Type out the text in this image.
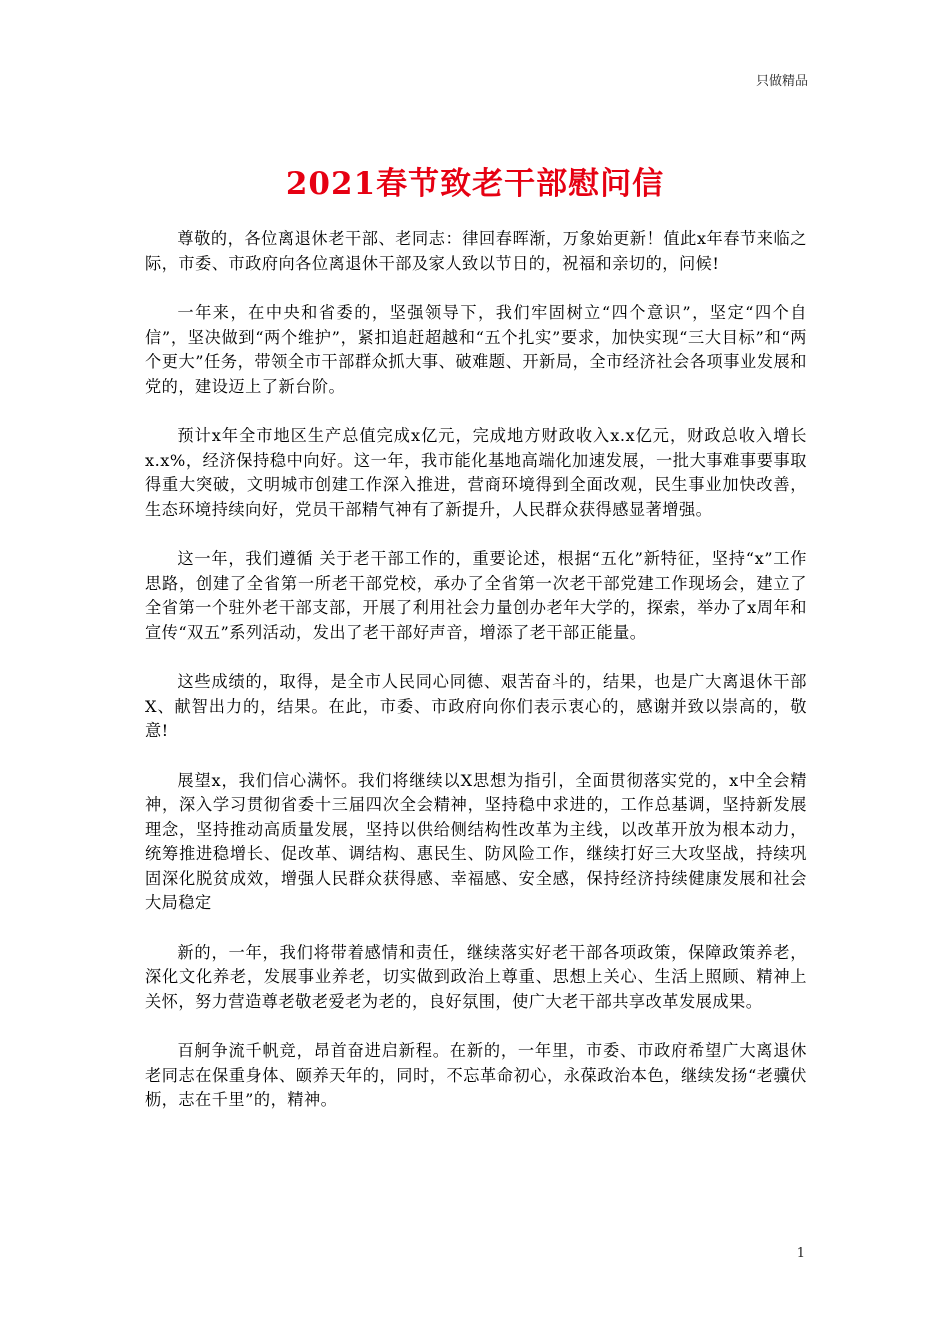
只做精品
2021春节致老干部慰问信

尊敬的，各位离退休老干部、老同志：律回春晖渐，万象始更新！值此x年春节来临之际，市委、市政府向各位离退休干部及家人致以节日的，祝福和亲切的，问候!

一年来，在中央和省委的，坚强领导下，我们牢固树立“四个意识”，坚定“四个自信”，坚决做到“两个维护”，紧扣追赶超越和“五个扎实”要求，加快实现“三大目标”和“两个更大”任务，带领全市干部群众抓大事、破难题、开新局，全市经济社会各项事业发展和党的，建设迈上了新台阶。

预计x年全市地区生产总值完成x亿元，完成地方财政收入x.x亿元，财政总收入增长x.x%，经济保持稳中向好。这一年，我市能化基地高端化加速发展，一批大事难事要事取得重大突破，文明城市创建工作深入推进，营商环境得到全面改观，民生事业加快改善，生态环境持续向好，党员干部精气神有了新提升，人民群众获得感显著增强。

这一年，我们遵循 关于老干部工作的，重要论述，根据“五化”新特征，坚持“x”工作思路，创建了全省第一所老干部党校，承办了全省第一次老干部党建工作现场会，建立了全省第一个驻外老干部支部，开展了利用社会力量创办老年大学的，探索，举办了x周年和宣传“双五”系列活动，发出了老干部好声音，增添了老干部正能量。

这些成绩的，取得，是全市人民同心同德、艰苦奋斗的，结果，也是广大离退休干部X、献智出力的，结果。在此，市委、市政府向你们表示衷心的，感谢并致以崇高的，敬意!

展望x，我们信心满怀。我们将继续以X思想为指引，全面贯彻落实党的，x中全会精神，深入学习贯彻省委十三届四次全会精神，坚持稳中求进的，工作总基调，坚持新发展理念，坚持推动高质量发展，坚持以供给侧结构性改革为主线，以改革开放为根本动力，统筹推进稳增长、促改革、调结构、惠民生、防风险工作，继续打好三大攻坚战，持续巩固深化脱贫成效，增强人民群众获得感、幸福感、安全感，保持经济持续健康发展和社会大局稳定

新的，一年，我们将带着感情和责任，继续落实好老干部各项政策，保障政策养老，深化文化养老，发展事业养老，切实做到政治上尊重、思想上关心、生活上照顾、精神上关怀，努力营造尊老敬老爱老为老的，良好氛围，使广大老干部共享改革发展成果。

百舸争流千帆竞，昂首奋进启新程。在新的，一年里，市委、市政府希望广大离退休老同志在保重身体、颐养天年的，同时，不忘革命初心，永葆政治本色，继续发扬“老骥伏枥，志在千里”的，精神。

1
